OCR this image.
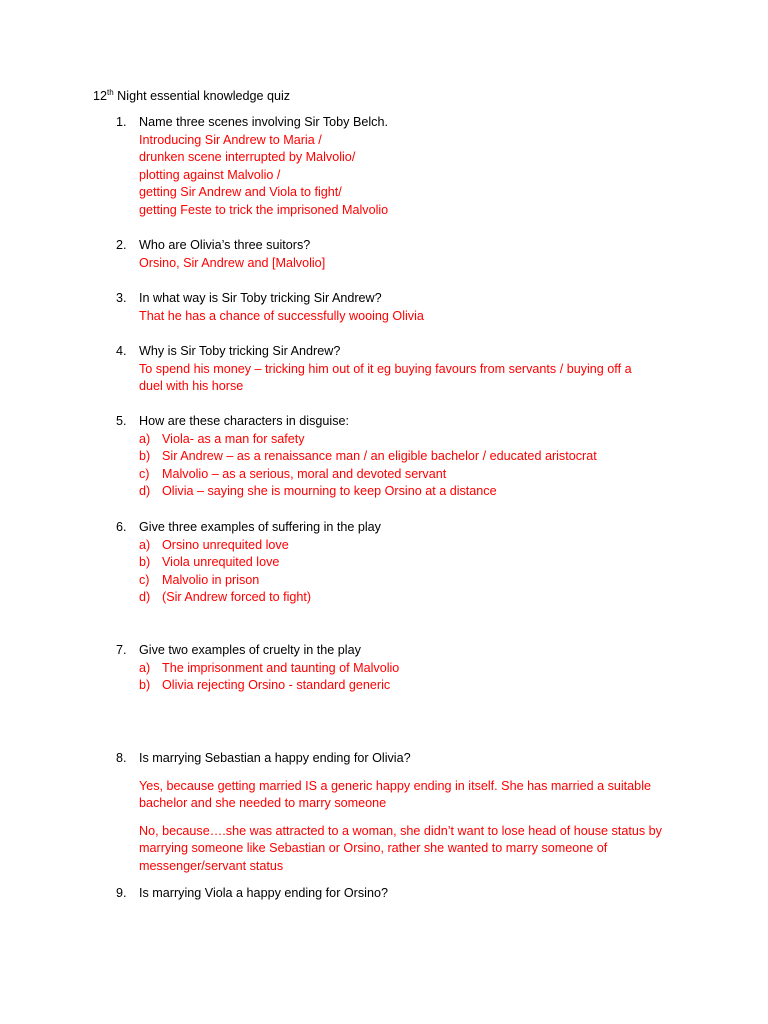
12th Night essential knowledge quiz
1. Name three scenes involving Sir Toby Belch.
Introducing Sir Andrew to Maria /
drunken scene interrupted by Malvolio/
plotting against Malvolio /
getting Sir Andrew and Viola to fight/
getting Feste to trick the imprisoned Malvolio
2. Who are Olivia’s three suitors?
Orsino, Sir Andrew and [Malvolio]
3. In what way is Sir Toby tricking Sir Andrew?
That he has a chance of successfully wooing Olivia
4. Why is Sir Toby tricking Sir Andrew?
To spend his money – tricking him out of it eg buying favours from servants / buying off a
duel with his horse
5. How are these characters in disguise:
a) Viola- as a man for safety
b) Sir Andrew – as a renaissance man / an eligible bachelor / educated aristocrat
c) Malvolio – as a serious, moral and devoted servant
d) Olivia – saying she is mourning to keep Orsino at a distance
6. Give three examples of suffering in the play
a) Orsino unrequited love
b) Viola unrequited love
c) Malvolio in prison
d) (Sir Andrew forced to fight)
7. Give two examples of cruelty in the play
a) The imprisonment and taunting of Malvolio
b) Olivia rejecting Orsino - standard generic
8. Is marrying Sebastian a happy ending for Olivia?
Yes, because getting married IS a generic happy ending in itself. She has married a suitable bachelor and she needed to marry someone
No, because….she was attracted to a woman, she didn’t want to lose head of house status by marrying someone like Sebastian or Orsino, rather she wanted to marry someone of messenger/servant status
9. Is marrying Viola a happy ending for Orsino?
